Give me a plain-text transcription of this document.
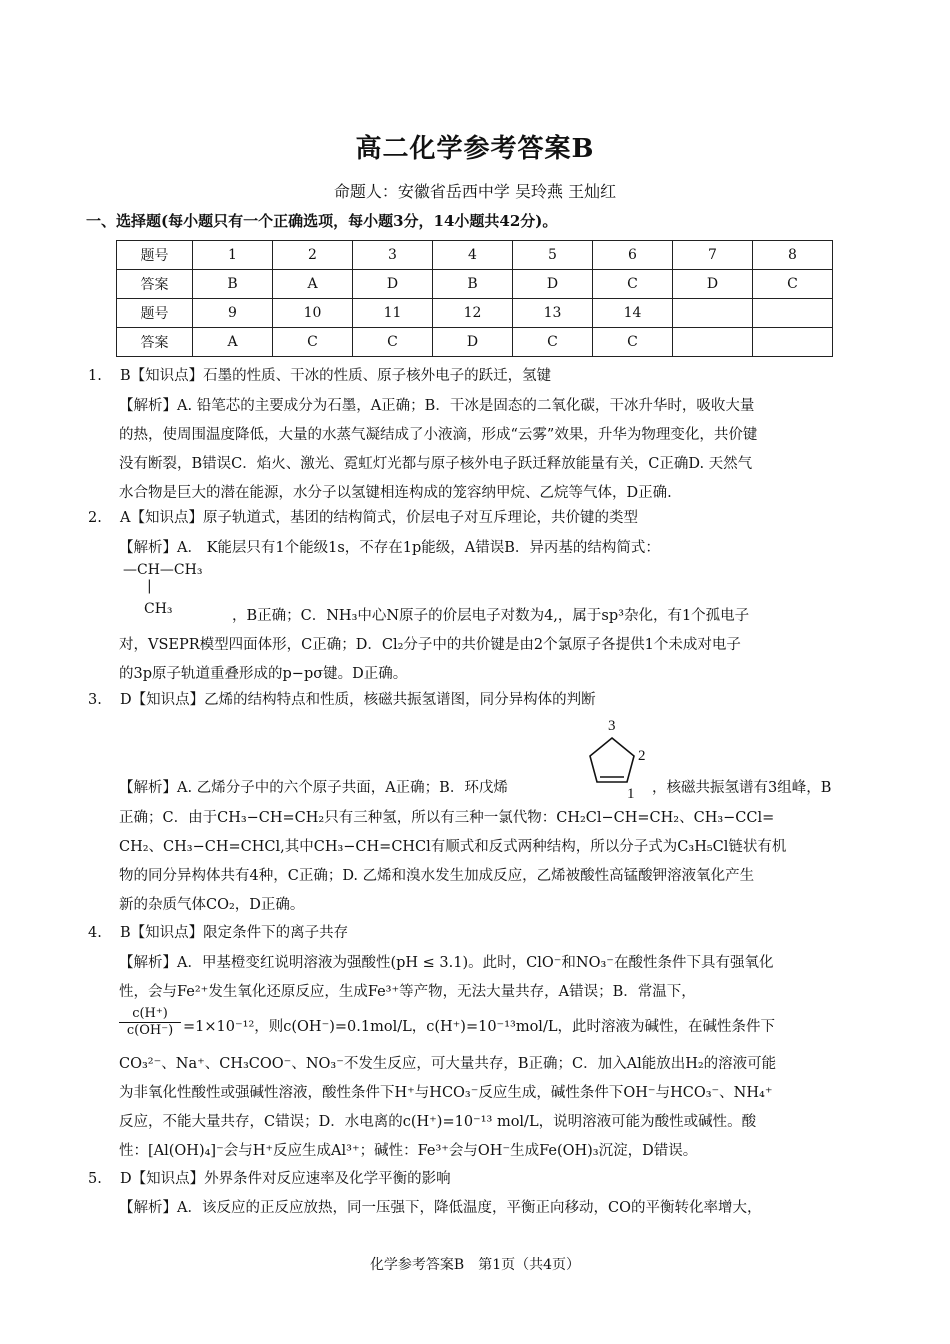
高二化学参考答案B
命题人：安徽省岳西中学 吴玲燕 王灿红
一、选择题(每小题只有一个正确选项，每小题3分，14小题共42分)。
题号	1	2	3	4	5	6	7	8
答案	B	A	D	B	D	C	D	C
题号	9	10	11	12	13	14		
答案	A	C	C	D	C	C		
1. B【知识点】石墨的性质、干冰的性质、原子核外电子的跃迁，氢键
【解析】A. 铅笔芯的主要成分为石墨，A正确；B．干冰是固态的二氧化碳，干冰升华时，吸收大量
的热，使周围温度降低，大量的水蒸气凝结成了小液滴，形成“云雾”效果，升华为物理变化，共价键
没有断裂，B错误C．焰火、激光、霓虹灯光都与原子核外电子跃迁释放能量有关，C正确D. 天然气
水合物是巨大的潜在能源，水分子以氢键相连构成的笼容纳甲烷、乙烷等气体，D正确.
2. A【知识点】原子轨道式，基团的结构简式，价层电子对互斥理论，共价键的类型
【解析】A． K能层只有1个能级1s，不存在1p能级，A错误B．异丙基的结构简式：
—CH—CH₃
|
CH₃	，B正确；C．NH₃中心N原子的价层电子对数为4,，属于sp³杂化，有1个孤电子
对，VSEPR模型四面体形，C正确；D．Cl₂分子中的共价键是由2个氯原子各提供1个未成对电子
的3p原子轨道重叠形成的p−pσ键。D正确。
3. D【知识点】乙烯的结构特点和性质，核磁共振氢谱图，同分异构体的判断
3
2
1
【解析】A. 乙烯分子中的六个原子共面，A正确；B．环戊烯	，核磁共振氢谱有3组峰，B
正确；C．由于CH₃−CH=CH₂只有三种氢，所以有三种一氯代物：CH₂Cl−CH=CH₂、CH₃−CCl=
CH₂、CH₃−CH=CHCl,其中CH₃−CH=CHCl有顺式和反式两种结构，所以分子式为C₃H₅Cl链状有机
物的同分异构体共有4种，C正确；D. 乙烯和溴水发生加成反应，乙烯被酸性高锰酸钾溶液氧化产生
新的杂质气体CO₂，D正确。
4. B【知识点】限定条件下的离子共存
【解析】A．甲基橙变红说明溶液为强酸性(pH ≤ 3.1)。此时，ClO⁻和NO₃⁻在酸性条件下具有强氧化
性，会与Fe²⁺发生氧化还原反应，生成Fe³⁺等产物，无法大量共存，A错误；B．常温下，
$\frac{c(H^+)}{c(OH^-)} =1\times 10^{-12}$，则c(OH⁻)=0.1mol/L，c(H⁺)=10⁻¹³mol/L，此时溶液为碱性，在碱性条件下
CO₃²⁻、Na⁺、CH₃COO⁻、NO₃⁻不发生反应，可大量共存，B正确；C．加入Al能放出H₂的溶液可能
为非氧化性酸性或强碱性溶液，酸性条件下H⁺与HCO₃⁻反应生成，碱性条件下OH⁻与HCO₃⁻、NH₄⁺
反应，不能大量共存，C错误；D．水电离的c(H⁺)=10⁻¹³ mol/L，说明溶液可能为酸性或碱性。酸
性：[Al(OH)₄]⁻会与H⁺反应生成Al³⁺；碱性：Fe³⁺会与OH⁻生成Fe(OH)₃沉淀，D错误。
5. D【知识点】外界条件对反应速率及化学平衡的影响
【解析】A．该反应的正反应放热，同一压强下，降低温度，平衡正向移动，CO的平衡转化率增大，
化学参考答案B　第1页（共4页）
